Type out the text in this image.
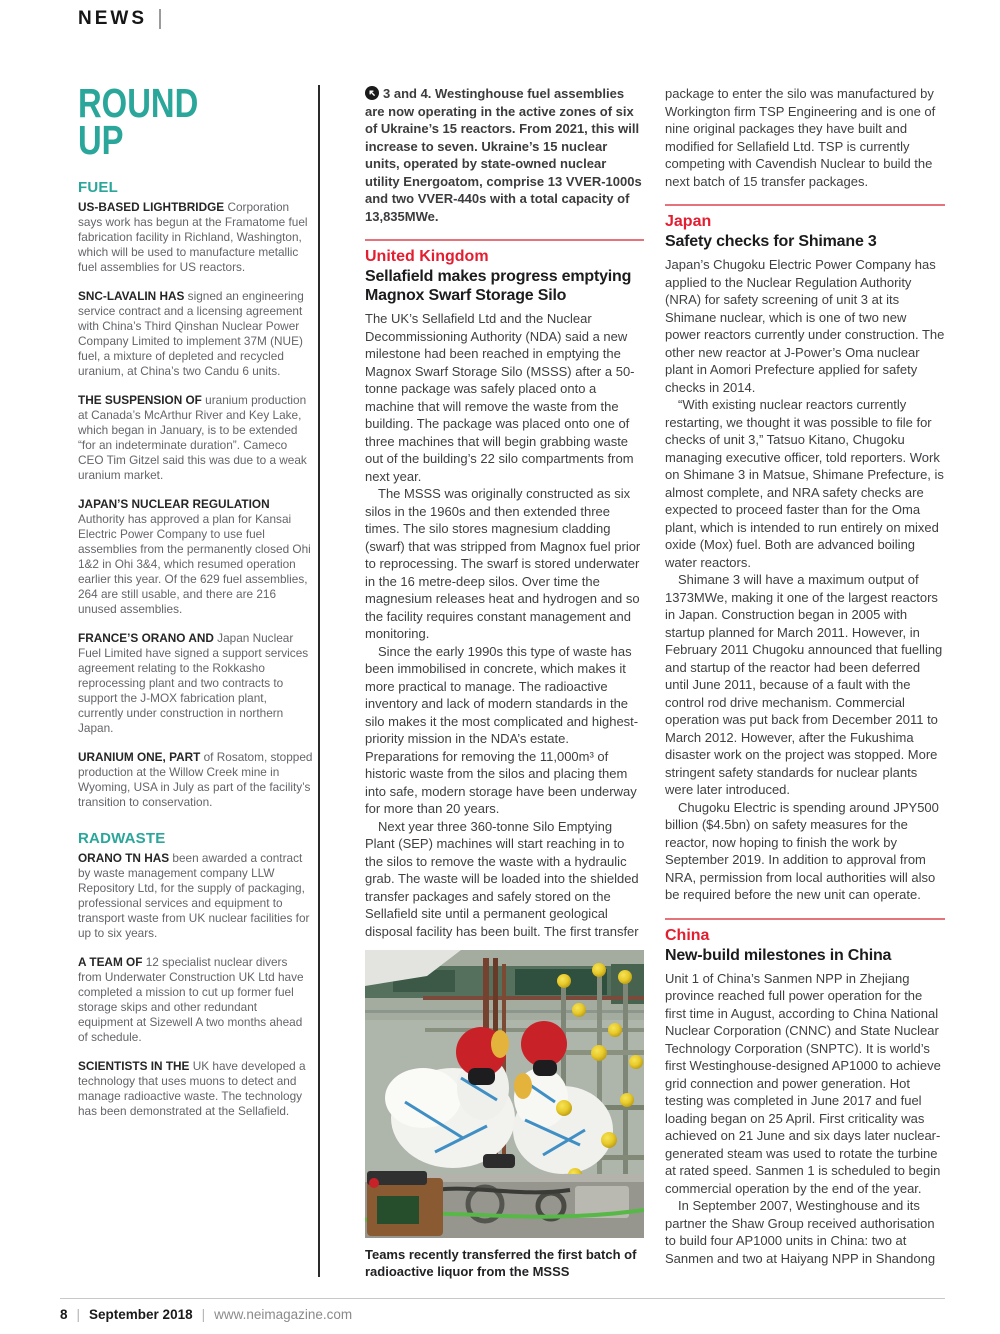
NEWS
ROUND
UP
FUEL

US-BASED LIGHTBRIDGE Corporation says work has begun at the Framatome fuel fabrication facility in Richland, Washington, which will be used to manufacture metallic fuel assemblies for US reactors.

SNC-LAVALIN HAS signed an engineering service contract and a licensing agreement with China’s Third Qinshan Nuclear Power Company Limited to implement 37M (NUE) fuel, a mixture of depleted and recycled uranium, at China’s two Candu 6 units.

THE SUSPENSION OF uranium production at Canada’s McArthur River and Key Lake, which began in January, is to be extended “for an indeterminate duration”. Cameco CEO Tim Gitzel said this was due to a weak uranium market.

JAPAN’S NUCLEAR REGULATION Authority has approved a plan for Kansai Electric Power Company to use fuel assemblies from the permanently closed Ohi 1&2 in Ohi 3&4, which resumed operation earlier this year. Of the 629 fuel assemblies, 264 are still usable, and there are 216 unused assemblies.

FRANCE’S ORANO AND Japan Nuclear Fuel Limited have signed a support services agreement relating to the Rokkasho reprocessing plant and two contracts to support the J-MOX fabrication plant, currently under construction in northern Japan.

URANIUM ONE, PART of Rosatom, stopped production at the Willow Creek mine in Wyoming, USA in July as part of the facility’s transition to conservation.

RADWASTE

ORANO TN HAS been awarded a contract by waste management company LLW Repository Ltd, for the supply of packaging, professional services and equipment to transport waste from UK nuclear facilities for up to six years.

A TEAM OF 12 specialist nuclear divers from Underwater Construction UK Ltd have completed a mission to cut up former fuel storage skips and other redundant equipment at Sizewell A two months ahead of schedule.

SCIENTISTS IN THE UK have developed a technology that uses muons to detect and manage radioactive waste. The technology has been demonstrated at the Sellafield.

3 and 4. Westinghouse fuel assemblies are now operating in the active zones of six of Ukraine’s 15 reactors. From 2021, this will increase to seven. Ukraine’s 15 nuclear units, operated by state-owned nuclear utility Energoatom, comprise 13 VVER-1000s and two VVER-440s with a total capacity of 13,835MWe.

United Kingdom
Sellafield makes progress emptying
Magnox Swarf Storage Silo

The UK’s Sellafield Ltd and the Nuclear Decommissioning Authority (NDA) said a new milestone had been reached in emptying the Magnox Swarf Storage Silo (MSSS) after a 50-tonne package was safely placed onto a machine that will remove the waste from the building. The package was placed onto one of three machines that will begin grabbing waste out of the building’s 22 silo compartments from next year.

The MSSS was originally constructed as six silos in the 1960s and then extended three times. The silo stores magnesium cladding (swarf) that was stripped from Magnox fuel prior to reprocessing. The swarf is stored underwater in the 16 metre-deep silos. Over time the magnesium releases heat and hydrogen and so the facility requires constant management and monitoring.

Since the early 1990s this type of waste has been immobilised in concrete, which makes it more practical to manage. The radioactive inventory and lack of modern standards in the silo makes it the most complicated and highest-priority mission in the NDA’s estate. Preparations for removing the 11,000m³ of historic waste from the silos and placing them into safe, modern storage have been underway for more than 20 years.

Next year three 360-tonne Silo Emptying Plant (SEP) machines will start reaching in to the silos to remove the waste with a hydraulic grab. The waste will be loaded into the shielded transfer packages and safely stored on the Sellafield site until a permanent geological disposal facility has been built. The first transfer

Teams recently transferred the first batch of radioactive liquor from the MSSS

package to enter the silo was manufactured by Workington firm TSP Engineering and is one of nine original packages they have built and modified for Sellafield Ltd. TSP is currently competing with Cavendish Nuclear to build the next batch of 15 transfer packages.

Japan
Safety checks for Shimane 3

Japan’s Chugoku Electric Power Company has applied to the Nuclear Regulation Authority (NRA) for safety screening of unit 3 at its Shimane nuclear, which is one of two new power reactors currently under construction. The other new reactor at J-Power’s Oma nuclear plant in Aomori Prefecture applied for safety checks in 2014.

“With existing nuclear reactors currently restarting, we thought it was possible to file for checks of unit 3,” Tatsuo Kitano, Chugoku managing executive officer, told reporters. Work on Shimane 3 in Matsue, Shimane Prefecture, is almost complete, and NRA safety checks are expected to proceed faster than for the Oma plant, which is intended to run entirely on mixed oxide (Mox) fuel. Both are advanced boiling water reactors.

Shimane 3 will have a maximum output of 1373MWe, making it one of the largest reactors in Japan. Construction began in 2005 with startup planned for March 2011. However, in February 2011 Chugoku announced that fuelling and startup of the reactor had been deferred until June 2011, because of a fault with the control rod drive mechanism. Commercial operation was put back from December 2011 to March 2012. However, after the Fukushima disaster work on the project was stopped. More stringent safety standards for nuclear plants were later introduced.

Chugoku Electric is spending around JPY500 billion ($4.5bn) on safety measures for the reactor, now hoping to finish the work by September 2019. In addition to approval from NRA, permission from local authorities will also be required before the new unit can operate.

China
New-build milestones in China

Unit 1 of China’s Sanmen NPP in Zhejiang province reached full power operation for the first time in August, according to China National Nuclear Corporation (CNNC) and State Nuclear Technology Corporation (SNPTC). It is world’s first Westinghouse-designed AP1000 to achieve grid connection and power generation. Hot testing was completed in June 2017 and fuel loading began on 25 April. First criticality was achieved on 21 June and six days later nuclear-generated steam was used to rotate the turbine at rated speed. Sanmen 1 is scheduled to begin commercial operation by the end of the year.

In September 2007, Westinghouse and its partner the Shaw Group received authorisation to build four AP1000 units in China: two at Sanmen and two at Haiyang NPP in Shandong

8 | September 2018 | www.neimagazine.com
